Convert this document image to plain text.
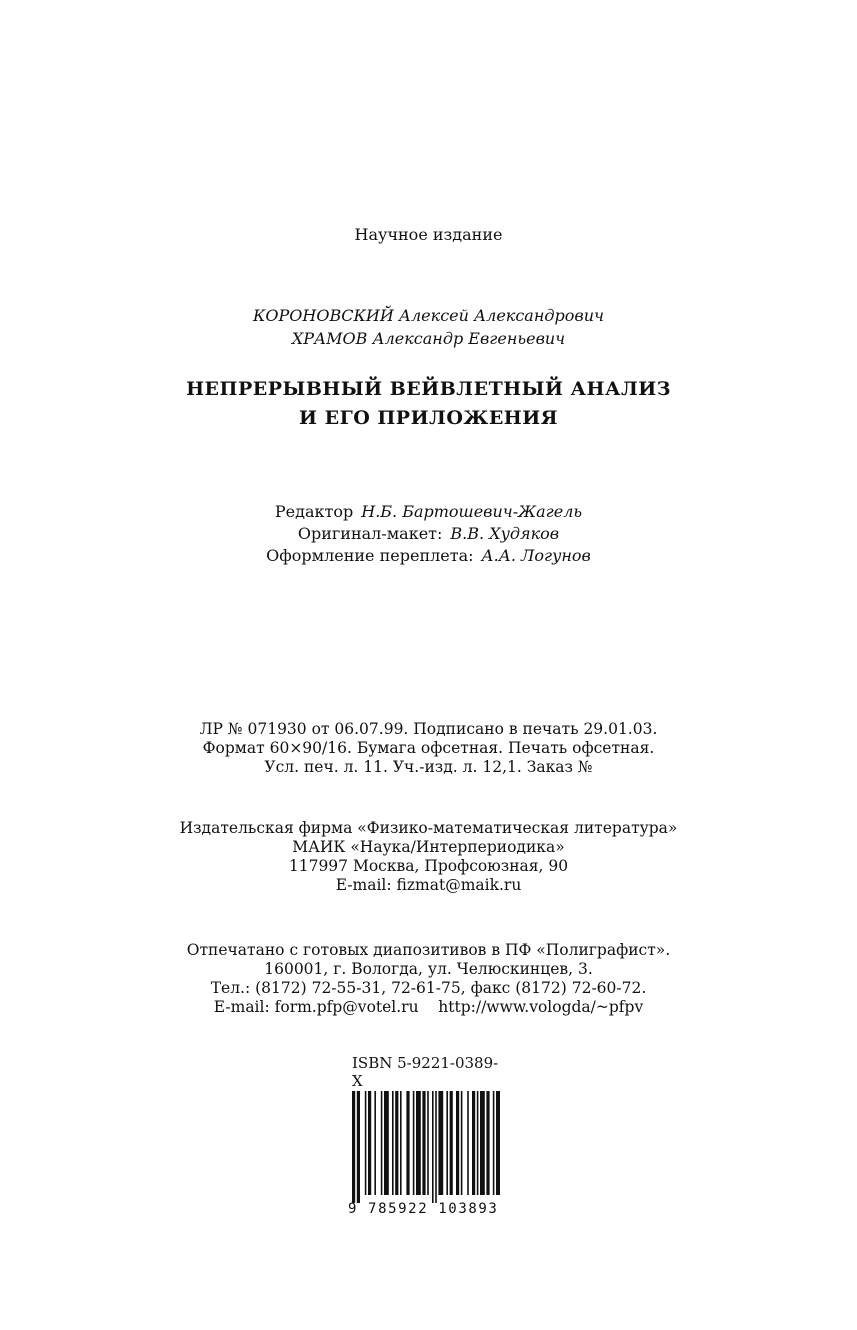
Научное издание
КОРОНОВСКИЙ Алексей Александрович
ХРАМОВ Александр Евгеньевич
НЕПРЕРЫВНЫЙ ВЕЙВЛЕТНЫЙ АНАЛИЗ
И ЕГО ПРИЛОЖЕНИЯ
Редактор Н.Б. Бартошевич-Жагель
Оригинал-макет: В.В. Худяков
Оформление переплета: А.А. Логунов
ЛР № 071930 от 06.07.99. Подписано в печать 29.01.03.
Формат 60×90/16. Бумага офсетная. Печать офсетная.
Усл. печ. л. 11. Уч.-изд. л. 12,1. Заказ №
Издательская фирма «Физико-математическая литература»
МАИК «Наука/Интерпериодика»
117997 Москва, Профсоюзная, 90
E-mail: fizmat@maik.ru
Отпечатано с готовых диапозитивов в ПФ «Полиграфист».
160001, г. Вологда, ул. Челюскинцев, 3.
Тел.: (8172) 72-55-31, 72-61-75, факс (8172) 72-60-72.
E-mail: form.pfp@votel.ru    http://www.vologda/~pfpv
ISBN 5-9221-0389-X
9 785922 103893
